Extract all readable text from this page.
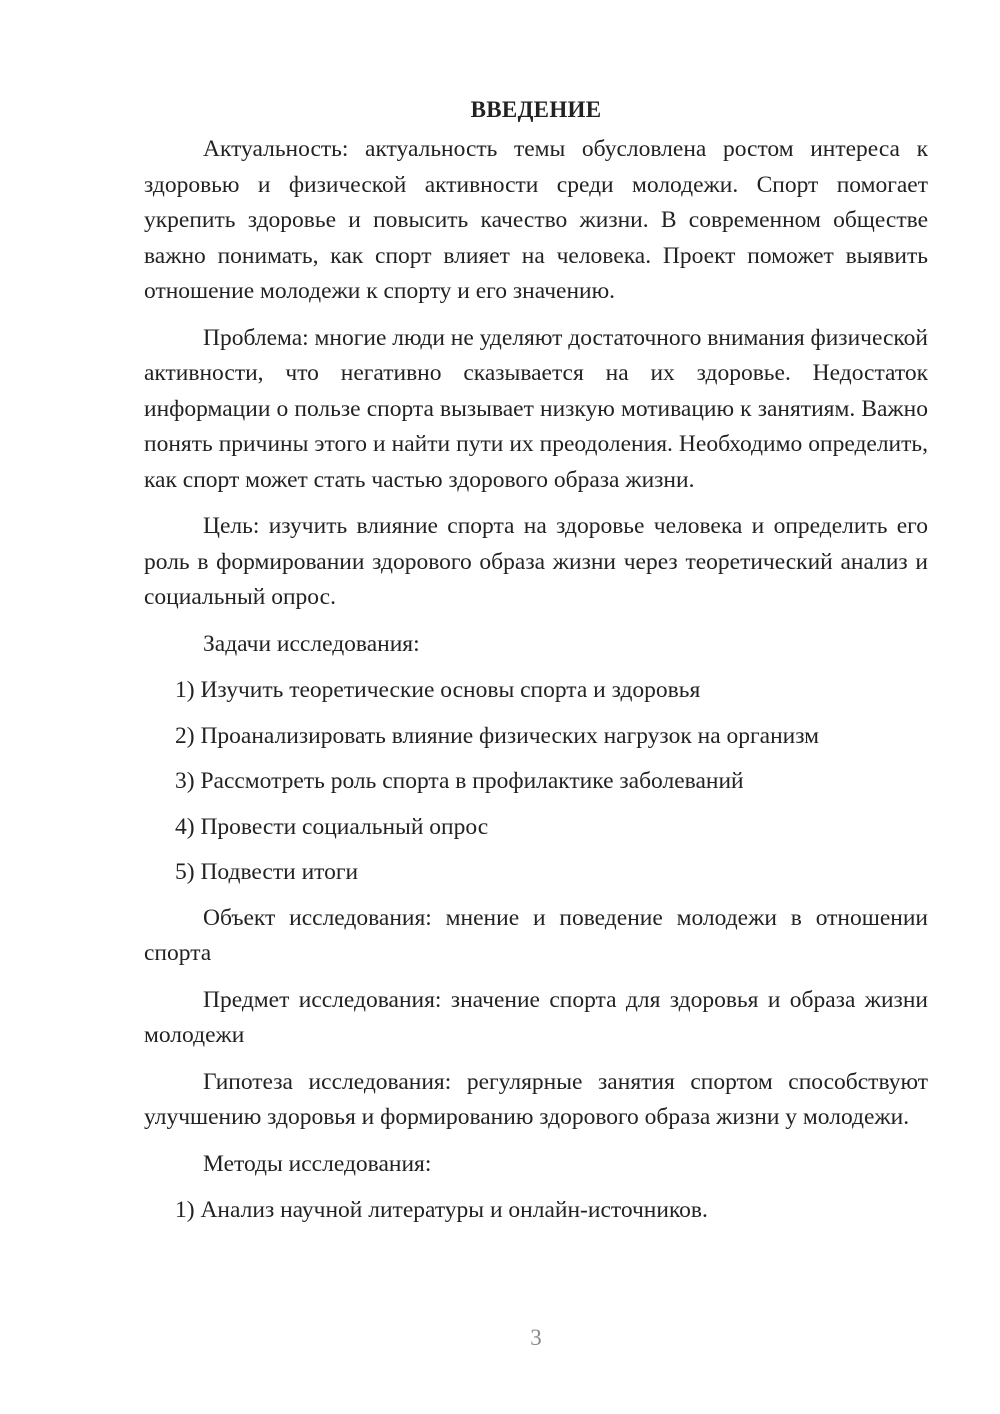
ВВЕДЕНИЕ

Актуальность: актуальность темы обусловлена ростом интереса к здоровью и физической активности среди молодежи. Спорт помогает укрепить здоровье и повысить качество жизни. В современном обществе важно понимать, как спорт влияет на человека. Проект поможет выявить отношение молодежи к спорту и его значению.

Проблема: многие люди не уделяют достаточного внимания физической активности, что негативно сказывается на их здоровье. Недостаток информации о пользе спорта вызывает низкую мотивацию к занятиям. Важно понять причины этого и найти пути их преодоления. Необходимо определить, как спорт может стать частью здорового образа жизни.

Цель: изучить влияние спорта на здоровье человека и определить его роль в формировании здорового образа жизни через теоретический анализ и социальный опрос.

Задачи исследования:

1) Изучить теоретические основы спорта и здоровья
2) Проанализировать влияние физических нагрузок на организм
3) Рассмотреть роль спорта в профилактике заболеваний
4) Провести социальный опрос
5) Подвести итоги

Объект исследования: мнение и поведение молодежи в отношении спорта

Предмет исследования: значение спорта для здоровья и образа жизни молодежи

Гипотеза исследования: регулярные занятия спортом способствуют улучшению здоровья и формированию здорового образа жизни у молодежи.

Методы исследования:

1) Анализ научной литературы и онлайн-источников.
3
